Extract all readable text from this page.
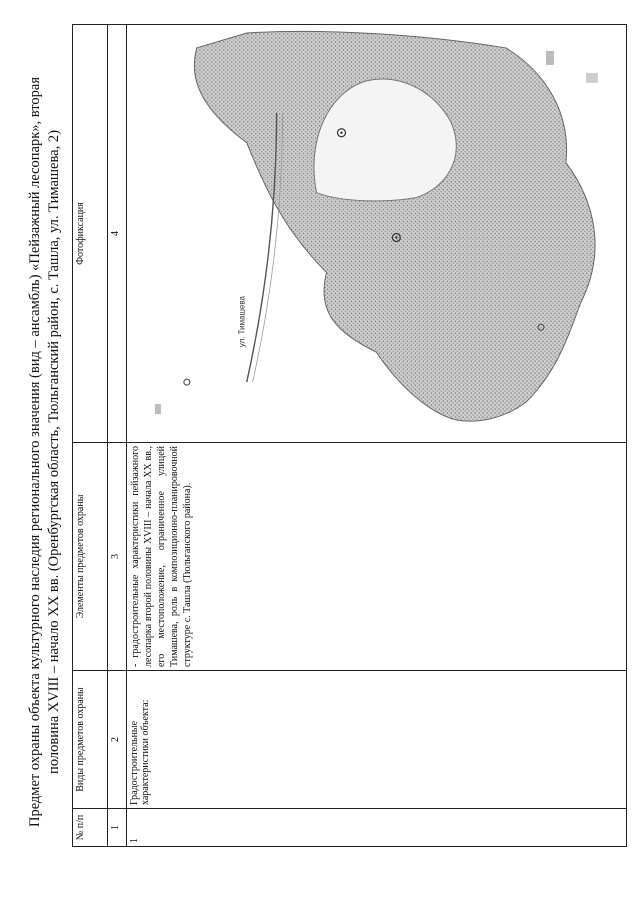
Предмет охраны объекта культурного наследия регионального значения (вид – ансамбль) «Пейзажный лесопарк», вторая половина XVIII – начало XX вв. (Оренбургская область, Тюльганский район, с. Ташла, ул. Тимашева, 2)
№ п/п	Виды предметов охраны	Элементы предметов охраны	Фотофиксация
1	2	3	4
1	Градостроительные характеристики объекта:	- градостроительные характеристики пейзажного лесопарка второй половины XVIII – начала XX вв., его местоположение, ограниченное улицей Тимашева, роль в композиционно-планировочной структуре с. Ташла (Тюльганского района).	ул. Тимашева
